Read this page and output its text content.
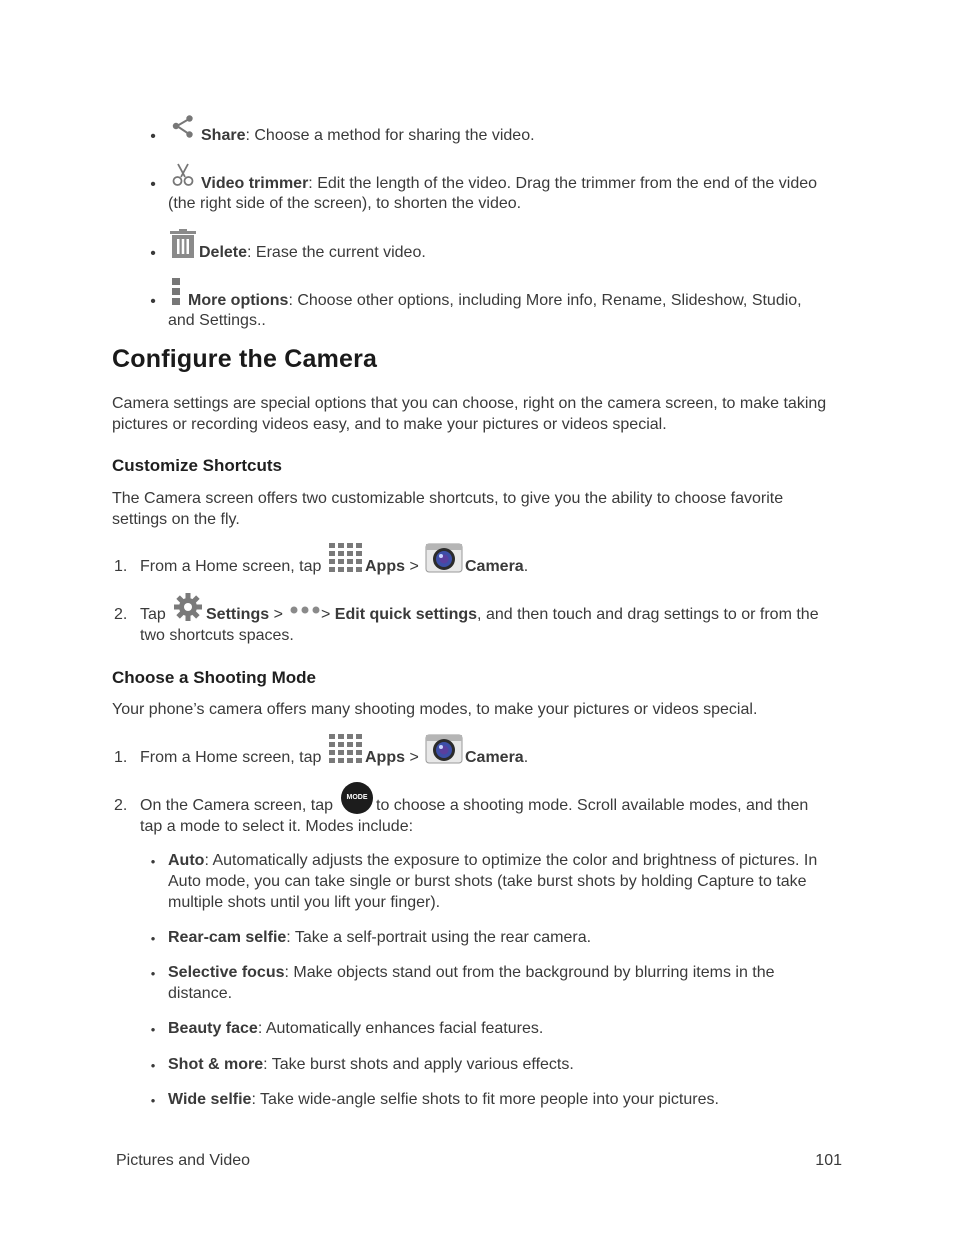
•	Share: Choose a method for sharing the video.
•	Video trimmer: Edit the length of the video. Drag the trimmer from the end of the video
(the right side of the screen), to shorten the video.
•	Delete: Erase the current video.
• More options: Choose other options, including More info, Rename, Slideshow, Studio,
and Settings..
Configure the Camera
Camera settings are special options that you can choose, right on the camera screen, to make taking
pictures or recording videos easy, and to make your pictures or videos special.
Customize Shortcuts
The Camera screen offers two customizable shortcuts, to give you the ability to choose favorite
settings on the fly.
1. From a Home screen, tap	Apps >	Camera.
2. Tap	Settings > > Edit quick settings, and then touch and drag settings to or from the
two shortcuts spaces.
Choose a Shooting Mode
Your phone’s camera offers many shooting modes, to make your pictures or videos special.
1. From a Home screen, tap	Apps >	Camera.
2. On the Camera screen, tap MODE to choose a shooting mode. Scroll available modes, and then
tap a mode to select it. Modes include:
• Auto: Automatically adjusts the exposure to optimize the color and brightness of pictures. In
Auto mode, you can take single or burst shots (take burst shots by holding Capture to take
multiple shots until you lift your finger).
• Rear-cam selfie: Take a self-portrait using the rear camera.
• Selective focus: Make objects stand out from the background by blurring items in the
distance.
• Beauty face: Automatically enhances facial features.
• Shot & more: Take burst shots and apply various effects.
• Wide selfie: Take wide-angle selfie shots to fit more people into your pictures.
Pictures and Video	101
